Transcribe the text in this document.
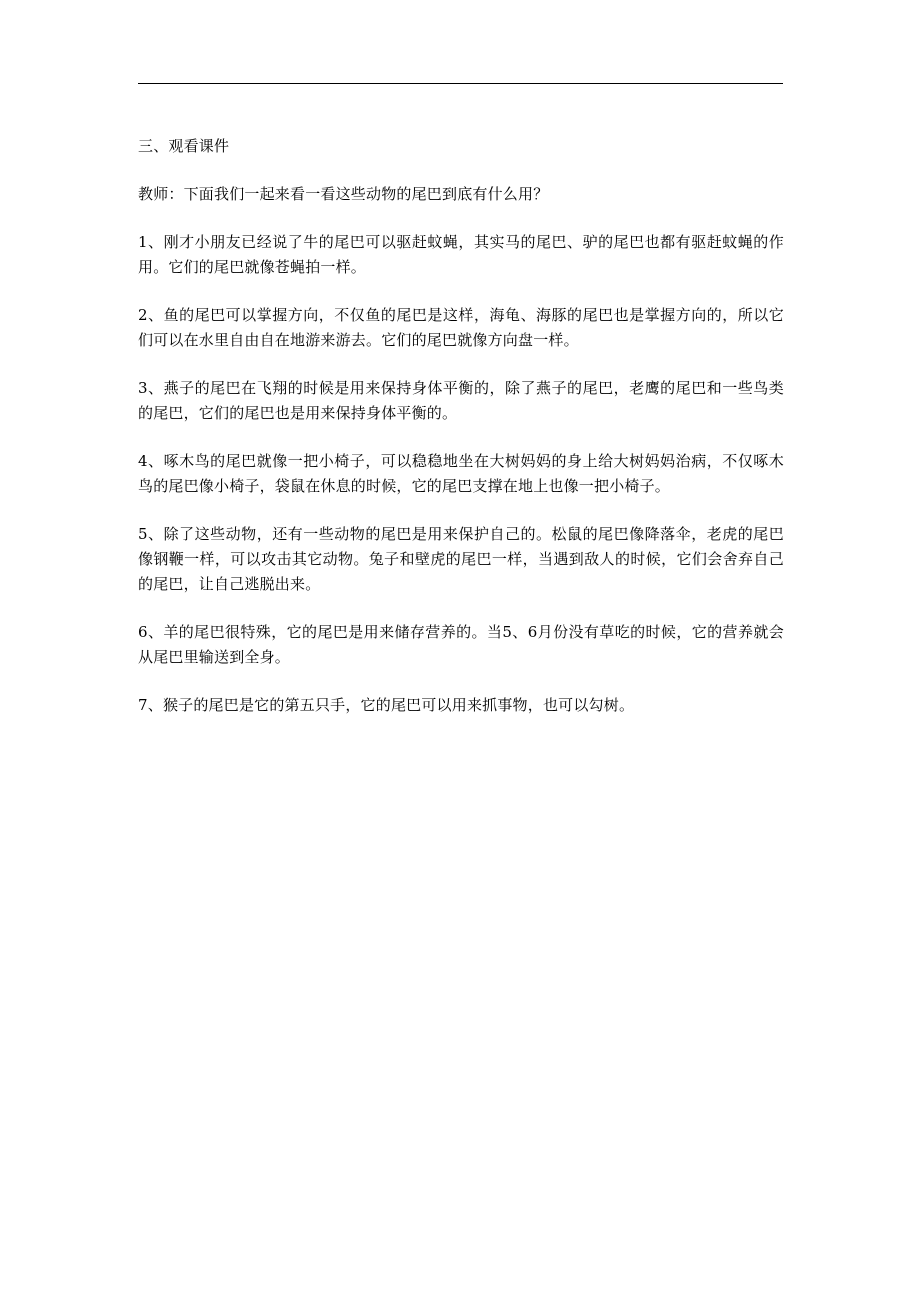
三、观看课件

教师：下面我们一起来看一看这些动物的尾巴到底有什么用？

1、刚才小朋友已经说了牛的尾巴可以驱赶蚊蝇，其实马的尾巴、驴的尾巴也都有驱赶蚊蝇的作用。它们的尾巴就像苍蝇拍一样。

2、鱼的尾巴可以掌握方向，不仅鱼的尾巴是这样，海龟、海豚的尾巴也是掌握方向的，所以它们可以在水里自由自在地游来游去。它们的尾巴就像方向盘一样。

3、燕子的尾巴在飞翔的时候是用来保持身体平衡的，除了燕子的尾巴，老鹰的尾巴和一些鸟类的尾巴，它们的尾巴也是用来保持身体平衡的。

4、啄木鸟的尾巴就像一把小椅子，可以稳稳地坐在大树妈妈的身上给大树妈妈治病，不仅啄木鸟的尾巴像小椅子，袋鼠在休息的时候，它的尾巴支撑在地上也像一把小椅子。

5、除了这些动物，还有一些动物的尾巴是用来保护自己的。松鼠的尾巴像降落伞，老虎的尾巴像钢鞭一样，可以攻击其它动物。兔子和壁虎的尾巴一样，当遇到敌人的时候，它们会舍弃自己的尾巴，让自己逃脱出来。

6、羊的尾巴很特殊，它的尾巴是用来储存营养的。当5、6月份没有草吃的时候，它的营养就会从尾巴里输送到全身。

7、猴子的尾巴是它的第五只手，它的尾巴可以用来抓事物，也可以勾树。
